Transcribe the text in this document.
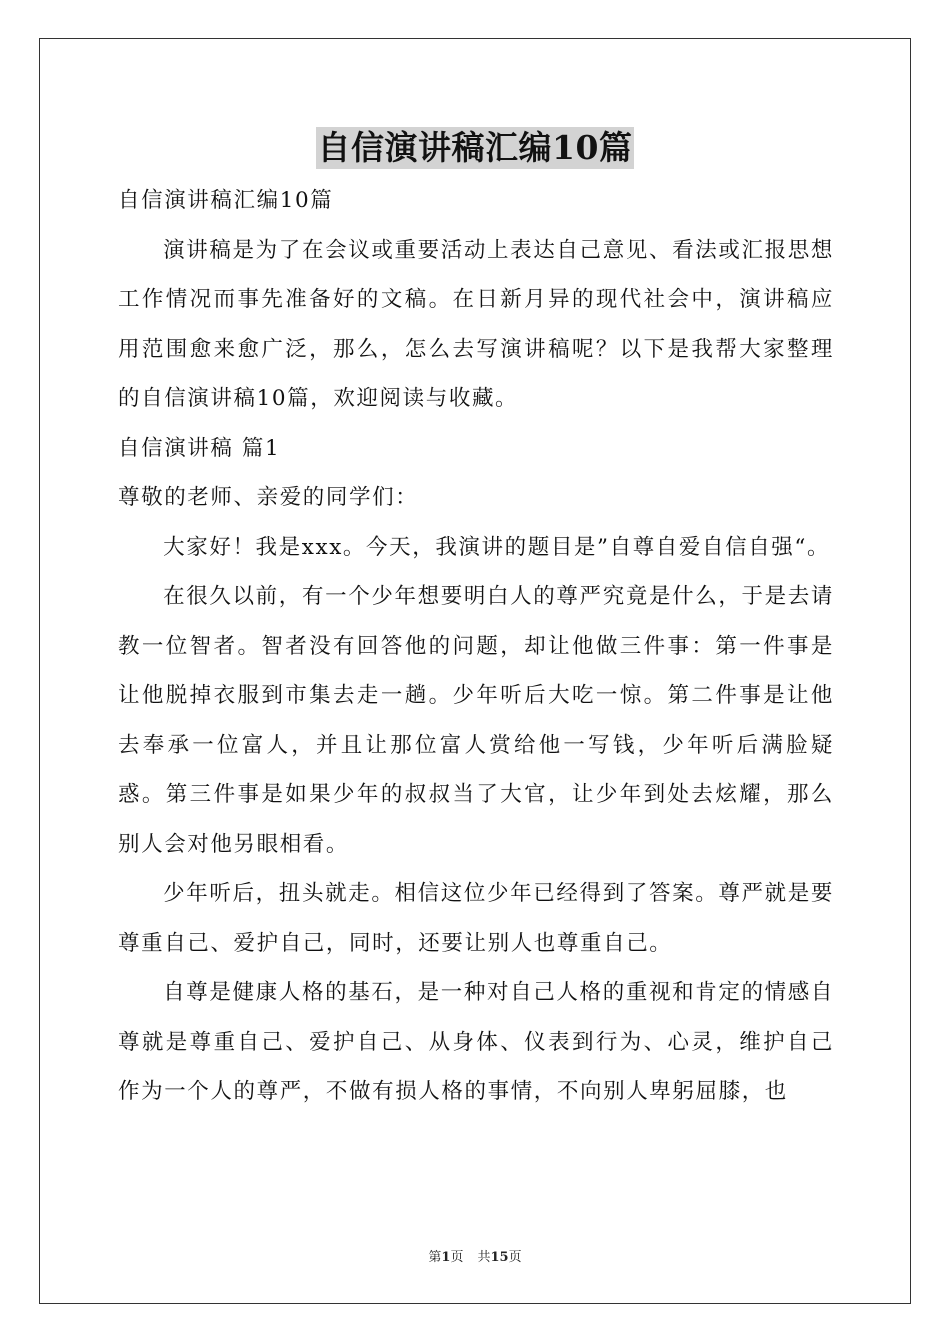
自信演讲稿汇编10篇

自信演讲稿汇编10篇

演讲稿是为了在会议或重要活动上表达自己意见、看法或汇报思想工作情况而事先准备好的文稿。在日新月异的现代社会中，演讲稿应用范围愈来愈广泛，那么，怎么去写演讲稿呢？以下是我帮大家整理的自信演讲稿10篇，欢迎阅读与收藏。

自信演讲稿 篇1

尊敬的老师、亲爱的同学们：

大家好！我是xxx。今天，我演讲的题目是”自尊自爱自信自强“。

在很久以前，有一个少年想要明白人的尊严究竟是什么，于是去请教一位智者。智者没有回答他的问题，却让他做三件事：第一件事是让他脱掉衣服到市集去走一趟。少年听后大吃一惊。第二件事是让他去奉承一位富人，并且让那位富人赏给他一写钱，少年听后满脸疑惑。第三件事是如果少年的叔叔当了大官，让少年到处去炫耀，那么别人会对他另眼相看。

少年听后，扭头就走。相信这位少年已经得到了答案。尊严就是要尊重自己、爱护自己，同时，还要让别人也尊重自己。

自尊是健康人格的基石，是一种对自己人格的重视和肯定的情感自尊就是尊重自己、爱护自己、从身体、仪表到行为、心灵，维护自己作为一个人的尊严，不做有损人格的事情，不向别人卑躬屈膝，也

第1页 共15页
